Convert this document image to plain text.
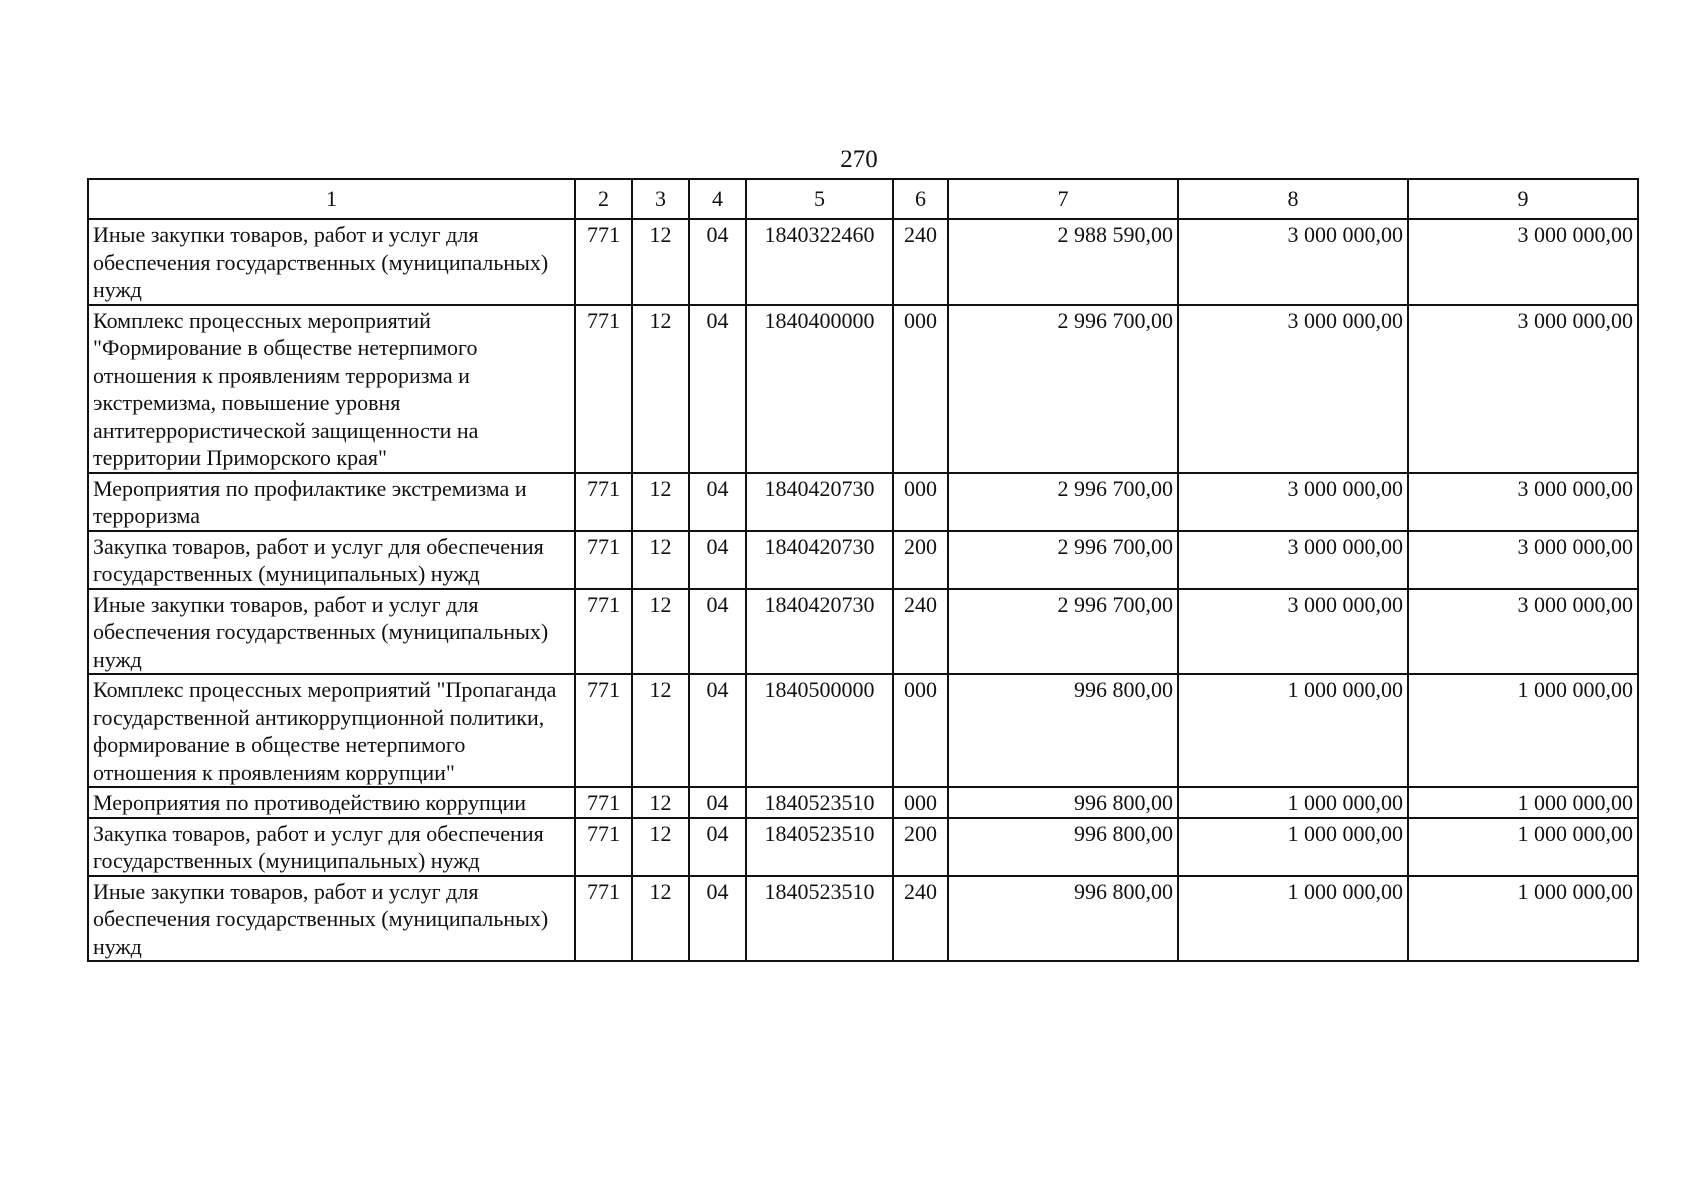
270
1	2	3	4	5	6	7	8	9
Иные закупки товаров, работ и услуг для обеспечения государственных (муниципальных) нужд	771	12	04	1840322460	240	2 988 590,00	3 000 000,00	3 000 000,00
Комплекс процессных мероприятий "Формирование в обществе нетерпимого отношения к проявлениям терроризма и экстремизма, повышение уровня антитеррористической защищенности на территории Приморского края"	771	12	04	1840400000	000	2 996 700,00	3 000 000,00	3 000 000,00
Мероприятия по профилактике экстремизма и терроризма	771	12	04	1840420730	000	2 996 700,00	3 000 000,00	3 000 000,00
Закупка товаров, работ и услуг для обеспечения государственных (муниципальных) нужд	771	12	04	1840420730	200	2 996 700,00	3 000 000,00	3 000 000,00
Иные закупки товаров, работ и услуг для обеспечения государственных (муниципальных) нужд	771	12	04	1840420730	240	2 996 700,00	3 000 000,00	3 000 000,00
Комплекс процессных мероприятий "Пропаганда государственной антикоррупционной политики, формирование в обществе нетерпимого отношения к проявлениям коррупции"	771	12	04	1840500000	000	996 800,00	1 000 000,00	1 000 000,00
Мероприятия по противодействию коррупции	771	12	04	1840523510	000	996 800,00	1 000 000,00	1 000 000,00
Закупка товаров, работ и услуг для обеспечения государственных (муниципальных) нужд	771	12	04	1840523510	200	996 800,00	1 000 000,00	1 000 000,00
Иные закупки товаров, работ и услуг для обеспечения государственных (муниципальных) нужд	771	12	04	1840523510	240	996 800,00	1 000 000,00	1 000 000,00
